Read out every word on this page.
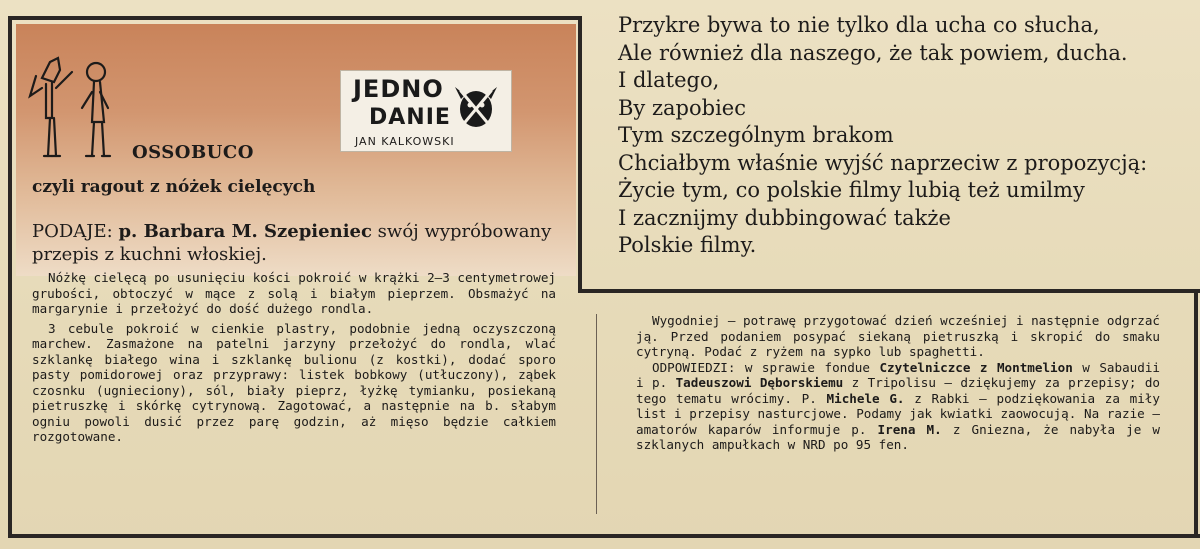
OSSOBUCO
czyli ragout z nóżek cielęcych
JEDNO
DANIE
JAN KALKOWSKI
PODAJE: p. Barbara M. Szepieniec swój wypróbowany przepis z kuchni włoskiej.

Nóżkę cielęcą po usunięciu kości pokroić w krążki 2—3 centymetrowej grubości, obtoczyć w mące z solą i białym pieprzem. Obsmażyć na margarynie i przełożyć do dość dużego rondla.

3 cebule pokroić w cienkie plastry, podobnie jedną oczyszczoną marchew. Zasmażone na patelni jarzyny przełożyć do rondla, wlać szklankę białego wina i szklankę bulionu (z kostki), dodać sporo pasty pomidorowej oraz przyprawy: listek bobkowy (utłuczony), ząbek czosnku (ugnieciony), sól, biały pieprz, łyżkę tymianku, posiekaną pietruszkę i skórkę cytrynową. Zagotować, a następnie na b. słabym ogniu powoli dusić przez parę godzin, aż mięso będzie całkiem rozgotowane.

Przykre bywa to nie tylko dla ucha co słucha,
Ale również dla naszego, że tak powiem, ducha.
I dlatego,
By zapobiec
Tym szczególnym brakom
Chciałbym właśnie wyjść naprzeciw z propozycją:
Życie tym, co polskie filmy lubią też umilmy
I zacznijmy dubbingować także
Polskie filmy.

Wygodniej — potrawę przygotować dzień wcześniej i następnie odgrzać ją. Przed podaniem posypać siekaną pietruszką i skropić do smaku cytryną. Podać z ryżem na sypko lub spaghetti.

ODPOWIEDZI: w sprawie fondue Czytelniczce z Montmelion w Sabaudii i p. Tadeuszowi Dęborskiemu z Tripolisu — dziękujemy za przepisy; do tego tematu wrócimy. P. Michele G. z Rabki — podziękowania za miły list i przepisy nasturcjowe. Podamy jak kwiatki zaowocują. Na razie — amatorów kaparów informuje p. Irena M. z Gniezna, że nabyła je w szklanych ampułkach w NRD po 95 fen.
